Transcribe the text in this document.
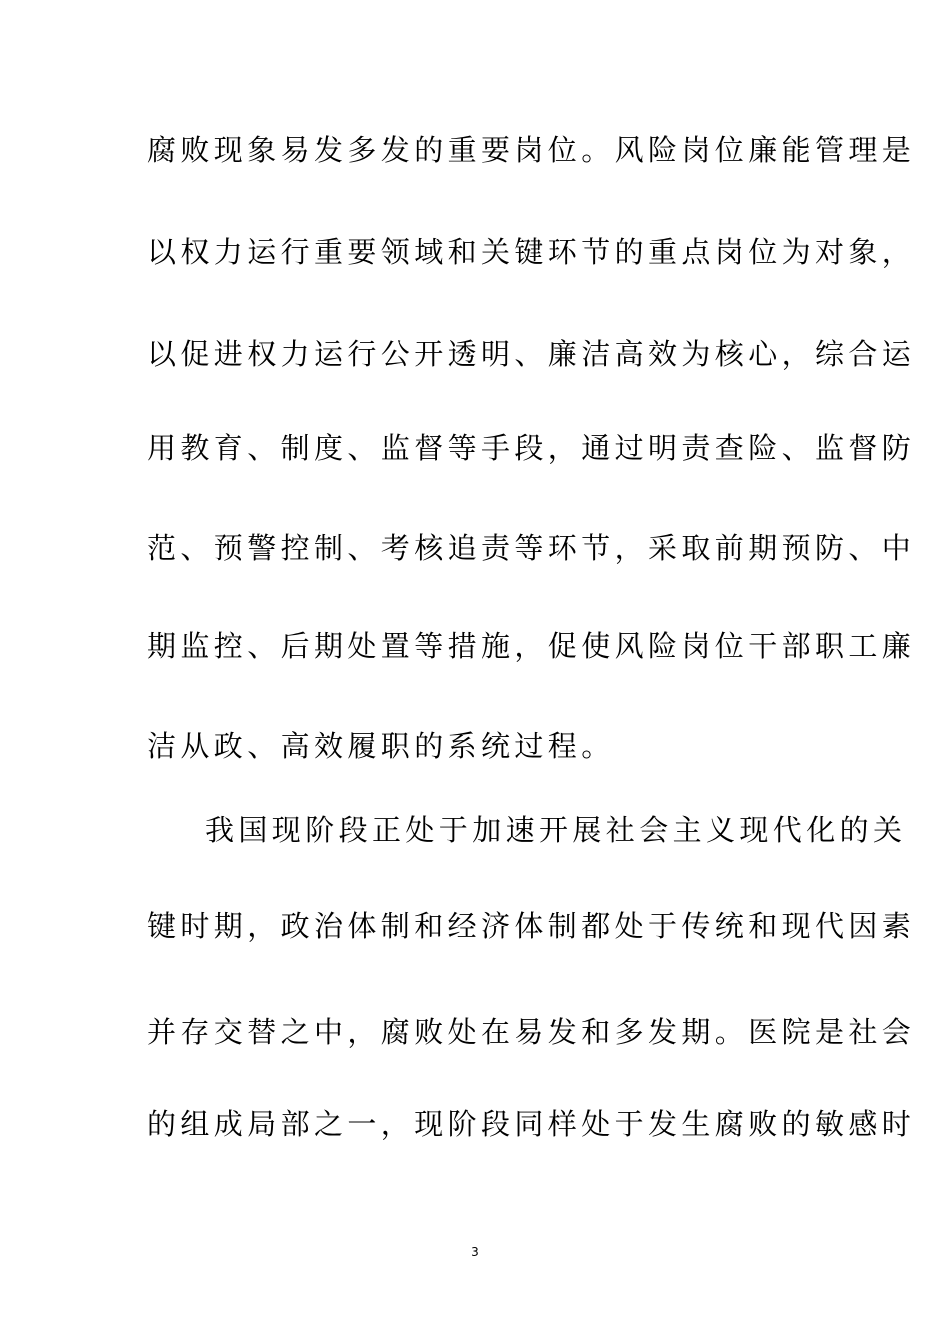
腐败现象易发多发的重要岗位。风险岗位廉能管理是
以权力运行重要领域和关键环节的重点岗位为对象，
以促进权力运行公开透明、廉洁高效为核心，综合运
用教育、制度、监督等手段，通过明责查险、监督防
范、预警控制、考核追责等环节，采取前期预防、中
期监控、后期处置等措施，促使风险岗位干部职工廉
洁从政、高效履职的系统过程。
我国现阶段正处于加速开展社会主义现代化的关
键时期，政治体制和经济体制都处于传统和现代因素
并存交替之中，腐败处在易发和多发期。医院是社会
的组成局部之一，现阶段同样处于发生腐败的敏感时
3
